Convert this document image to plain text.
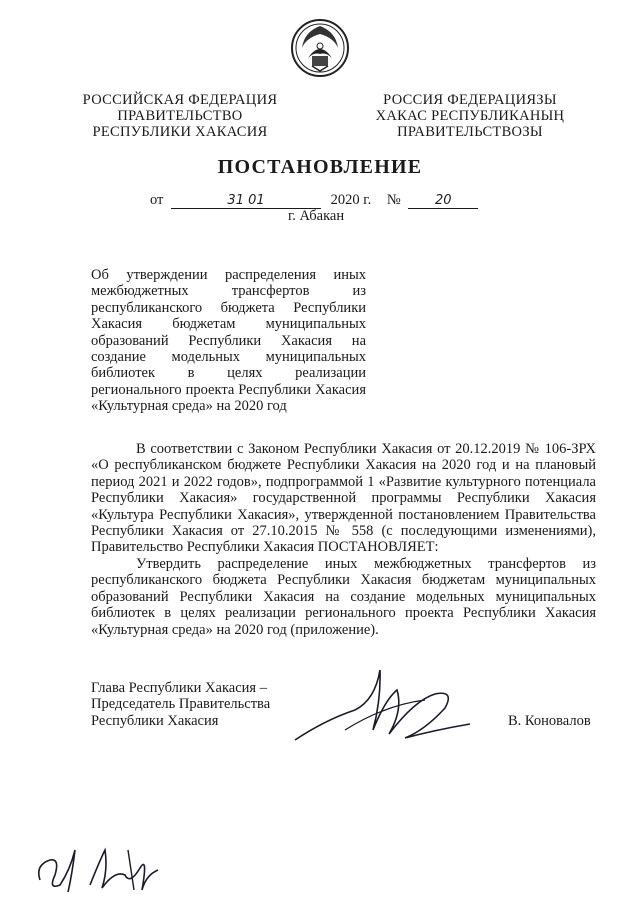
РОССИЙСКАЯ ФЕДЕРАЦИЯ
ПРАВИТЕЛЬСТВО
РЕСПУБЛИКИ ХАКАСИЯ
РОССИЯ ФЕДЕРАЦИЯЗЫ
ХАКАС РЕСПУБЛИКАНЫҢ
ПРАВИТЕЛЬСТВОЗЫ
ПОСТАНОВЛЕНИЕ
от	31 01	2020 г. №	20
г. Абакан
Об утверждении распределения иных межбюджетных трансфертов из республиканского бюджета Республики Хакасия бюджетам муниципальных образований Республики Хакасия на создание модельных муниципальных библиотек в целях реализации регионального проекта Республики Хакасия «Культурная среда» на 2020 год
В соответствии с Законом Республики Хакасия от 20.12.2019 № 106-ЗРХ «О республиканском бюджете Республики Хакасия на 2020 год и на плановый период 2021 и 2022 годов», подпрограммой 1 «Развитие культурного потенциала Республики Хакасия» государственной программы Республики Хакасия «Культура Республики Хакасия», утвержденной постановлением Правительства Республики Хакасия от 27.10.2015 № 558 (с последующими изменениями), Правительство Республики Хакасия ПОСТАНОВЛЯЕТ:
Утвердить распределение иных межбюджетных трансфертов из республиканского бюджета Республики Хакасия бюджетам муниципальных образований Республики Хакасия на создание модельных муниципальных библиотек в целях реализации регионального проекта Республики Хакасия «Культурная среда» на 2020 год (приложение).
Глава Республики Хакасия –
Председатель Правительства
Республики Хакасия	В. Коновалов
